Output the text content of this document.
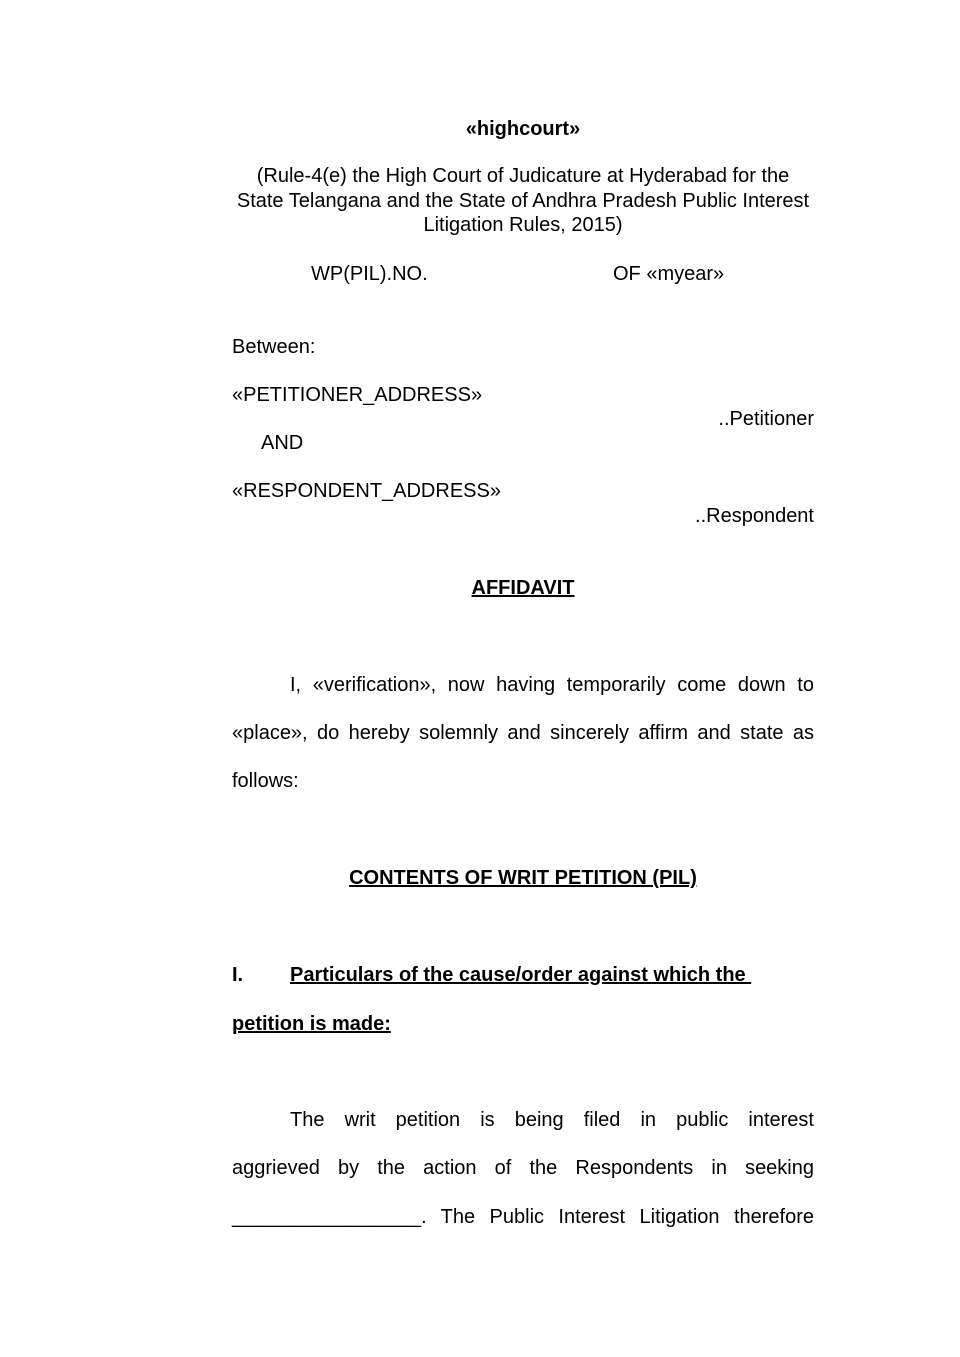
«highcourt»
(Rule-4(e) the High Court of Judicature at Hyderabad for the State Telangana and the State of Andhra Pradesh Public Interest Litigation Rules, 2015)
WP(PIL).NO.	OF «myear»
Between:
«PETITIONER_ADDRESS»
..Petitioner
AND
«RESPONDENT_ADDRESS»
..Respondent
AFFIDAVIT
I, «verification», now having temporarily come down to
«place», do hereby solemnly and sincerely affirm and state as
follows:
CONTENTS OF WRIT PETITION (PIL)
I. Particulars of the cause/order against which the
petition is made:
The writ petition is being filed in public interest
aggrieved by the action of the Respondents in seeking
_________________. The Public Interest Litigation therefore
